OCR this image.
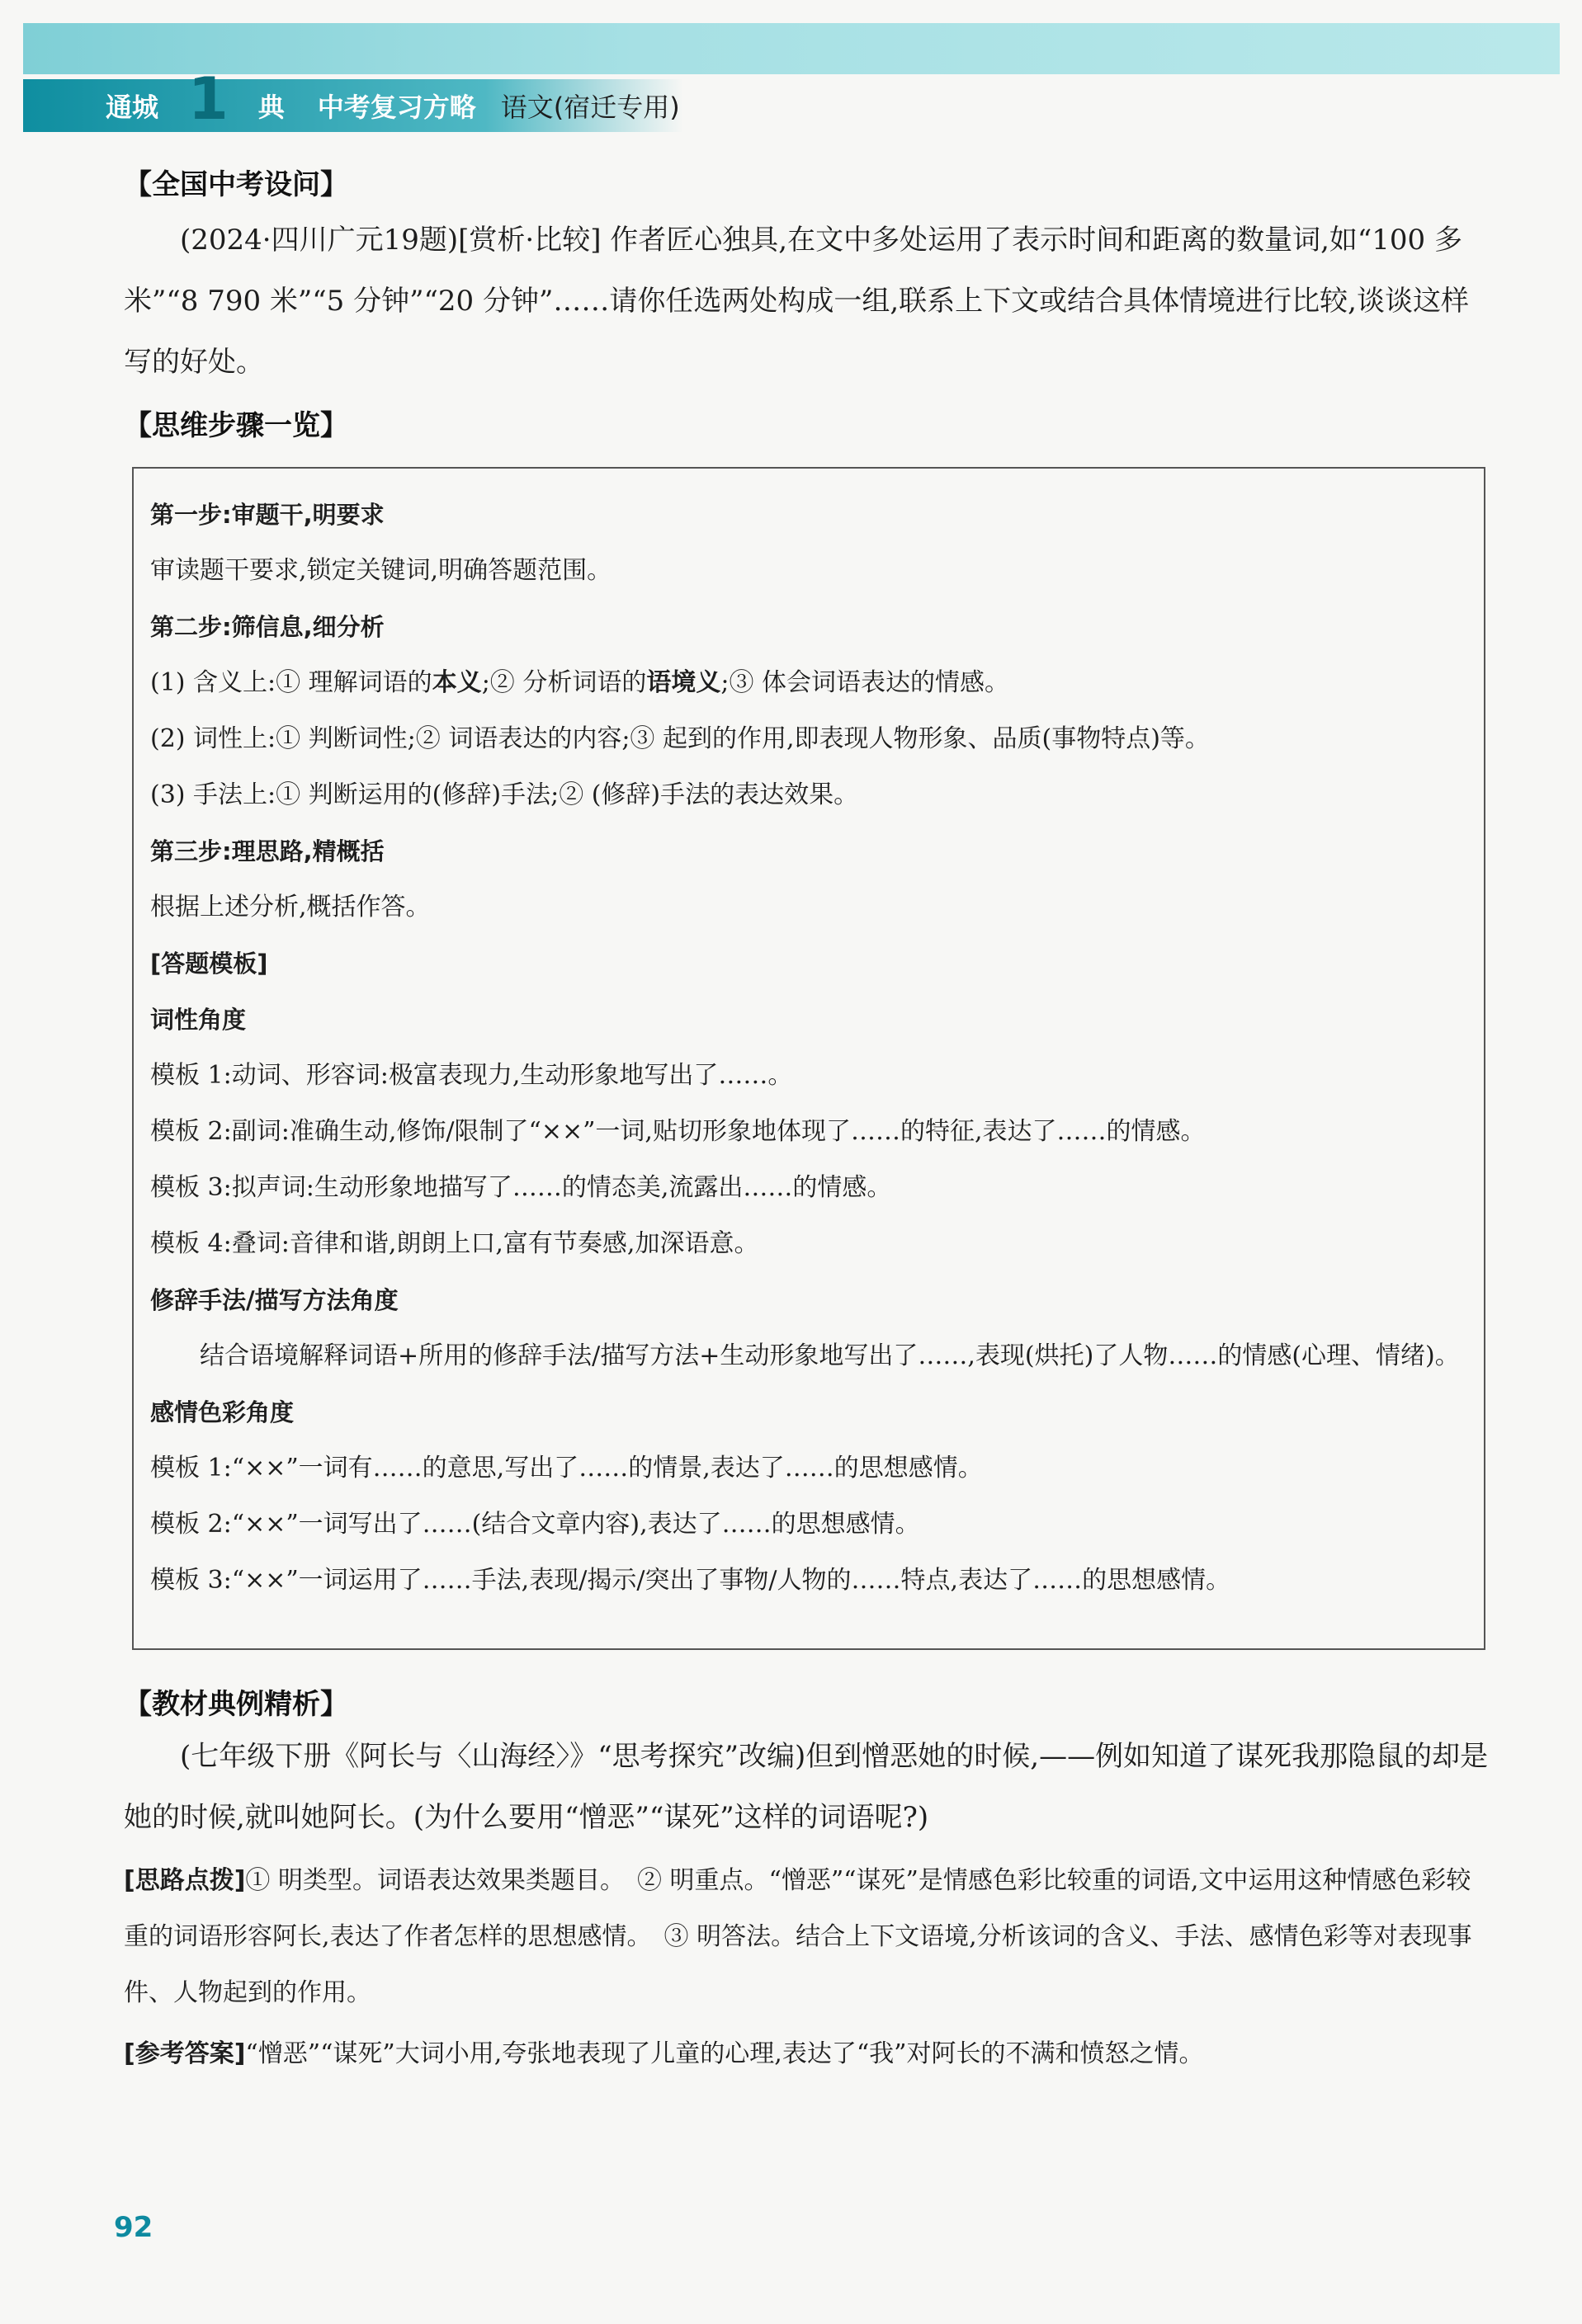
通城 1 典 中考复习方略 语文(宿迁专用)
【全国中考设问】
(2024·四川广元19题)[赏析·比较] 作者匠心独具,在文中多处运用了表示时间和距离的数量词,如“100 多米”“8 790 米”“5 分钟”“20 分钟”……请你任选两处构成一组,联系上下文或结合具体情境进行比较,谈谈这样写的好处。
【思维步骤一览】
第一步:审题干,明要求
审读题干要求,锁定关键词,明确答题范围。
第二步:筛信息,细分析
(1) 含义上:① 理解词语的本义;② 分析词语的语境义;③ 体会词语表达的情感。
(2) 词性上:① 判断词性;② 词语表达的内容;③ 起到的作用,即表现人物形象、品质(事物特点)等。
(3) 手法上:① 判断运用的(修辞)手法;② (修辞)手法的表达效果。
第三步:理思路,精概括
根据上述分析,概括作答。
[答题模板]
词性角度
模板 1:动词、形容词:极富表现力,生动形象地写出了……。
模板 2:副词:准确生动,修饰/限制了“××”一词,贴切形象地体现了……的特征,表达了……的情感。
模板 3:拟声词:生动形象地描写了……的情态美,流露出……的情感。
模板 4:叠词:音律和谐,朗朗上口,富有节奏感,加深语意。
修辞手法/描写方法角度
结合语境解释词语+所用的修辞手法/描写方法+生动形象地写出了……,表现(烘托)了人物……的情感(心理、情绪)。
感情色彩角度
模板 1:“××”一词有……的意思,写出了……的情景,表达了……的思想感情。
模板 2:“××”一词写出了……(结合文章内容),表达了……的思想感情。
模板 3:“××”一词运用了……手法,表现/揭示/突出了事物/人物的……特点,表达了……的思想感情。
【教材典例精析】
(七年级下册《阿长与〈山海经〉》“思考探究”改编)但到憎恶她的时候,——例如知道了谋死我那隐鼠的却是她的时候,就叫她阿长。(为什么要用“憎恶”“谋死”这样的词语呢?)
[思路点拨]① 明类型。词语表达效果类题目。　② 明重点。“憎恶”“谋死”是情感色彩比较重的词语,文中运用这种情感色彩较重的词语形容阿长,表达了作者怎样的思想感情。　③ 明答法。结合上下文语境,分析该词的含义、手法、感情色彩等对表现事件、人物起到的作用。
[参考答案]“憎恶”“谋死”大词小用,夸张地表现了儿童的心理,表达了“我”对阿长的不满和愤怒之情。
92
